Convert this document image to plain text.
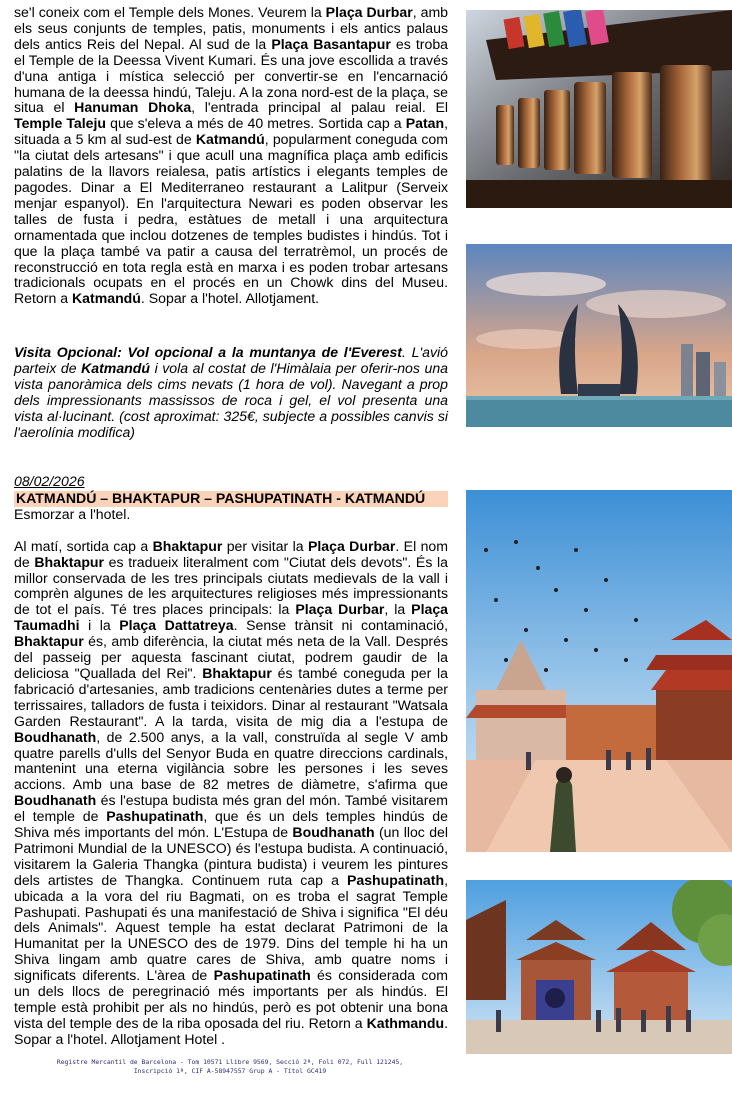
se'l coneix com el Temple dels Mones. Veurem la Plaça Durbar, amb els seus conjunts de temples, patis, monuments i els antics palaus dels antics Reis del Nepal. Al sud de la Plaça Basantapur es troba el Temple de la Deessa Vivent Kumari. És una jove escollida a través d'una antiga i mística selecció per convertir-se en l'encarnació humana de la deessa hindú, Taleju. A la zona nord-est de la plaça, se situa el Hanuman Dhoka, l'entrada principal al palau reial. El Temple Taleju que s'eleva a més de 40 metres. Sortida cap a Patan, situada a 5 km al sud-est de Katmandú, popularment coneguda com "la ciutat dels artesans" i que acull una magnífica plaça amb edificis palatins de la llavors reialesa, patis artístics i elegants temples de pagodes. Dinar a El Mediterraneo restaurant a Lalitpur (Serveix menjar espanyol). En l'arquitectura Newari es poden observar les talles de fusta i pedra, estàtues de metall i una arquitectura ornamentada que inclou dotzenes de temples budistes i hindús. Tot i que la plaça també va patir a causa del terratrèmol, un procés de reconstrucció en tota regla està en marxa i es poden trobar artesans tradicionals ocupats en el procés en un Chowk dins del Museu. Retorn a Katmandú. Sopar a l'hotel. Allotjament.

Visita Opcional: Vol opcional a la muntanya de l'Everest. L'avió parteix de Katmandú i vola al costat de l'Himàlaia per oferir-nos una vista panoràmica dels cims nevats (1 hora de vol). Navegant a prop dels impressionants massissos de roca i gel, el vol presenta una vista al·lucinant. (cost aproximat: 325€, subjecte a possibles canvis si l'aerolínia modifica)

08/02/2026
KATMANDÚ – BHAKTAPUR – PASHUPATINATH - KATMANDÚ
Esmorzar a l'hotel.

Al matí, sortida cap a Bhaktapur per visitar la Plaça Durbar. El nom de Bhaktapur es tradueix literalment com "Ciutat dels devots". És la millor conservada de les tres principals ciutats medievals de la vall i comprèn algunes de les arquitectures religioses més impressionants de tot el país. Té tres places principals: la Plaça Durbar, la Plaça Taumadhi i la Plaça Dattatreya. Sense trànsit ni contaminació, Bhaktapur és, amb diferència, la ciutat més neta de la Vall. Després del passeig per aquesta fascinant ciutat, podrem gaudir de la deliciosa "Quallada del Rei". Bhaktapur és també coneguda per la fabricació d'artesanies, amb tradicions centenàries dutes a terme per terrissaires, talladors de fusta i teixidors. Dinar al restaurant "Watsala Garden Restaurant". A la tarda, visita de mig dia a l'estupa de Boudhanath, de 2.500 anys, a la vall, construïda al segle V amb quatre parells d'ulls del Senyor Buda en quatre direccions cardinals, mantenint una eterna vigilància sobre les persones i les seves accions. Amb una base de 82 metres de diàmetre, s'afirma que Boudhanath és l'estupa budista més gran del món. També visitarem el temple de Pashupatinath, que és un dels temples hindús de Shiva més importants del món. L'Estupa de Boudhanath (un lloc del Patrimoni Mundial de la UNESCO) és l'estupa budista. A continuació, visitarem la Galeria Thangka (pintura budista) i veurem les pintures dels artistes de Thangka. Continuem ruta cap a Pashupatinath, ubicada a la vora del riu Bagmati, on es troba el sagrat Temple Pashupati. Pashupati és una manifestació de Shiva i significa "El déu dels Animals". Aquest temple ha estat declarat Patrimoni de la Humanitat per la UNESCO des de 1979. Dins del temple hi ha un Shiva lingam amb quatre cares de Shiva, amb quatre noms i significats diferents. L'àrea de Pashupatinath és considerada com un dels llocs de peregrinació més importants per als hindús. El temple està prohibit per als no hindús, però es pot obtenir una bona vista del temple des de la riba oposada del riu. Retorn a Kathmandu. Sopar a l'hotel. Allotjament Hotel .

Registre Mercantil de Barcelona - Tom 10571 Llibre 9569, Secció 2ª, Foli 072, Full 121245,
Inscripció 1ª, CIF A-58947557 Grup A - Títol GC419
